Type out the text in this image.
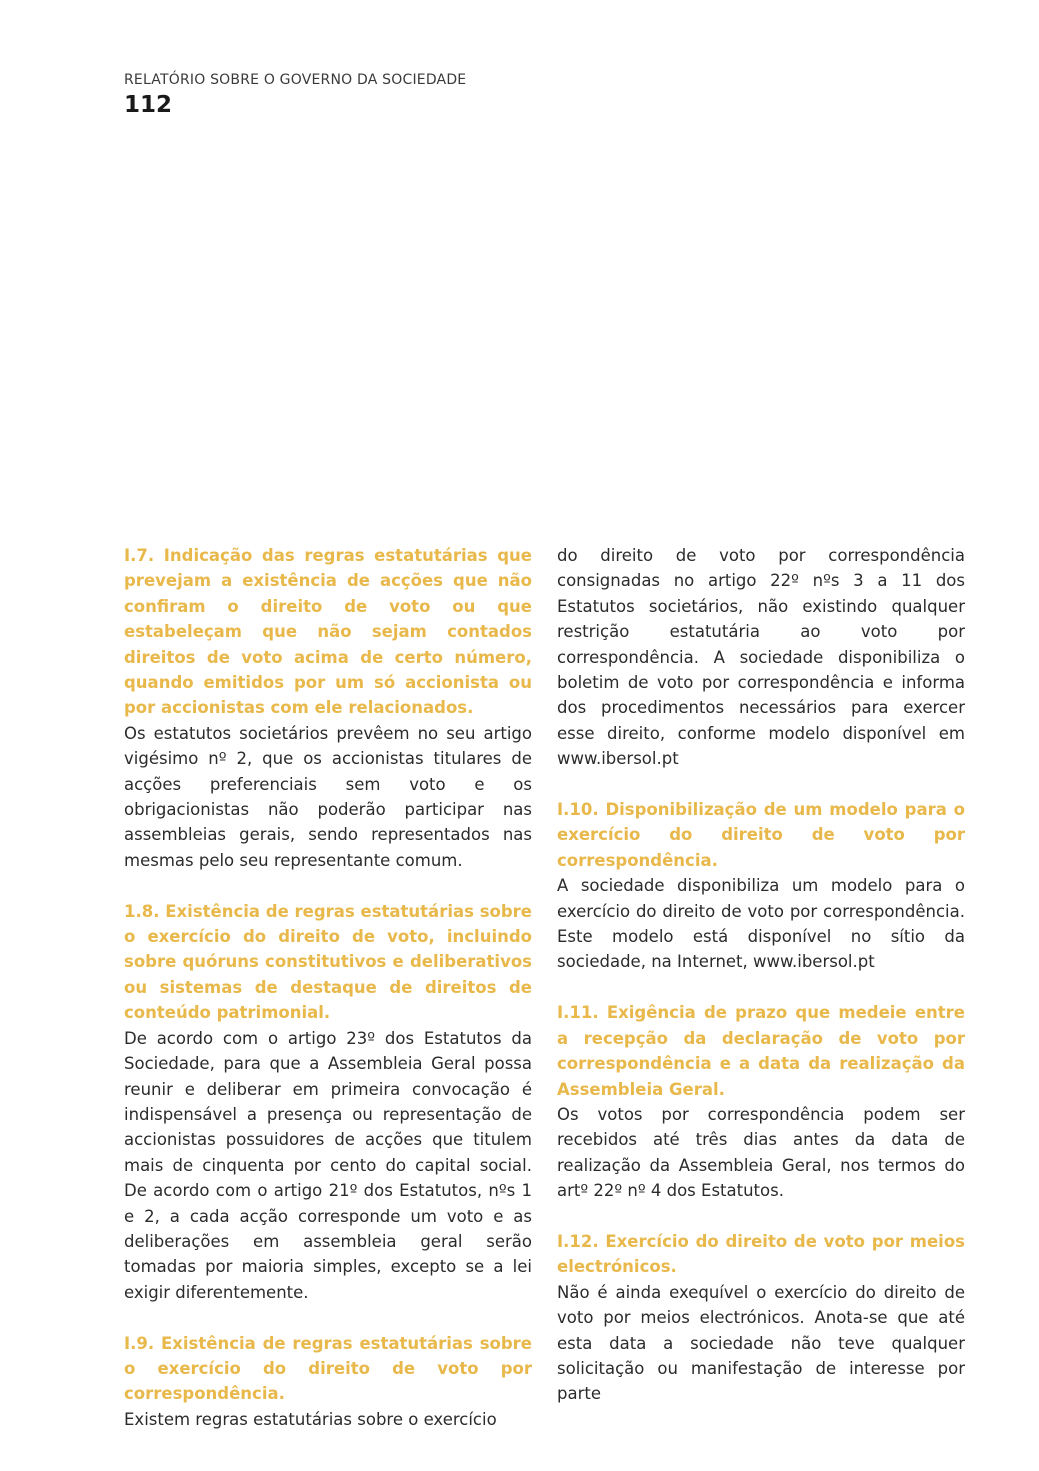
RELATÓRIO SOBRE O GOVERNO DA SOCIEDADE
112

I.7. Indicação das regras estatutárias que prevejam a existência de acções que não confiram o direito de voto ou que estabeleçam que não sejam contados direitos de voto acima de certo número, quando emitidos por um só accionista ou por accionistas com ele relacionados.

Os estatutos societários prevêem no seu artigo vigésimo nº 2, que os accionistas titulares de acções preferenciais sem voto e os obrigacionistas não poderão participar nas assembleias gerais, sendo representados nas mesmas pelo seu representante comum.

1.8. Existência de regras estatutárias sobre o exercício do direito de voto, incluindo sobre quóruns constitutivos e deliberativos ou sistemas de destaque de direitos de conteúdo patrimonial.

De acordo com o artigo 23º dos Estatutos da Sociedade, para que a Assembleia Geral possa reunir e deliberar em primeira convocação é indispensável a presença ou representação de accionistas possuidores de acções que titulem mais de cinquenta por cento do capital social. De acordo com o artigo 21º dos Estatutos, nºs 1 e 2, a cada acção corresponde um voto e as deliberações em assembleia geral serão tomadas por maioria simples, excepto se a lei exigir diferentemente.

I.9. Existência de regras estatutárias sobre o exercício do direito de voto por correspondência.

Existem regras estatutárias sobre o exercício

do direito de voto por correspondência consignadas no artigo 22º nºs 3 a 11 dos Estatutos societários, não existindo qualquer restrição estatutária ao voto por correspondência. A sociedade disponibiliza o boletim de voto por correspondência e informa dos procedimentos necessários para exercer esse direito, conforme modelo disponível em www.ibersol.pt

I.10. Disponibilização de um modelo para o exercício do direito de voto por correspondência.

A sociedade disponibiliza um modelo para o exercício do direito de voto por correspondência. Este modelo está disponível no sítio da sociedade, na Internet, www.ibersol.pt

I.11. Exigência de prazo que medeie entre a recepção da declaração de voto por correspondência e a data da realização da Assembleia Geral.

Os votos por correspondência podem ser recebidos até três dias antes da data de realização da Assembleia Geral, nos termos do artº 22º nº 4 dos Estatutos.

I.12. Exercício do direito de voto por meios electrónicos.

Não é ainda exequível o exercício do direito de voto por meios electrónicos. Anota-se que até esta data a sociedade não teve qualquer solicitação ou manifestação de interesse por parte
